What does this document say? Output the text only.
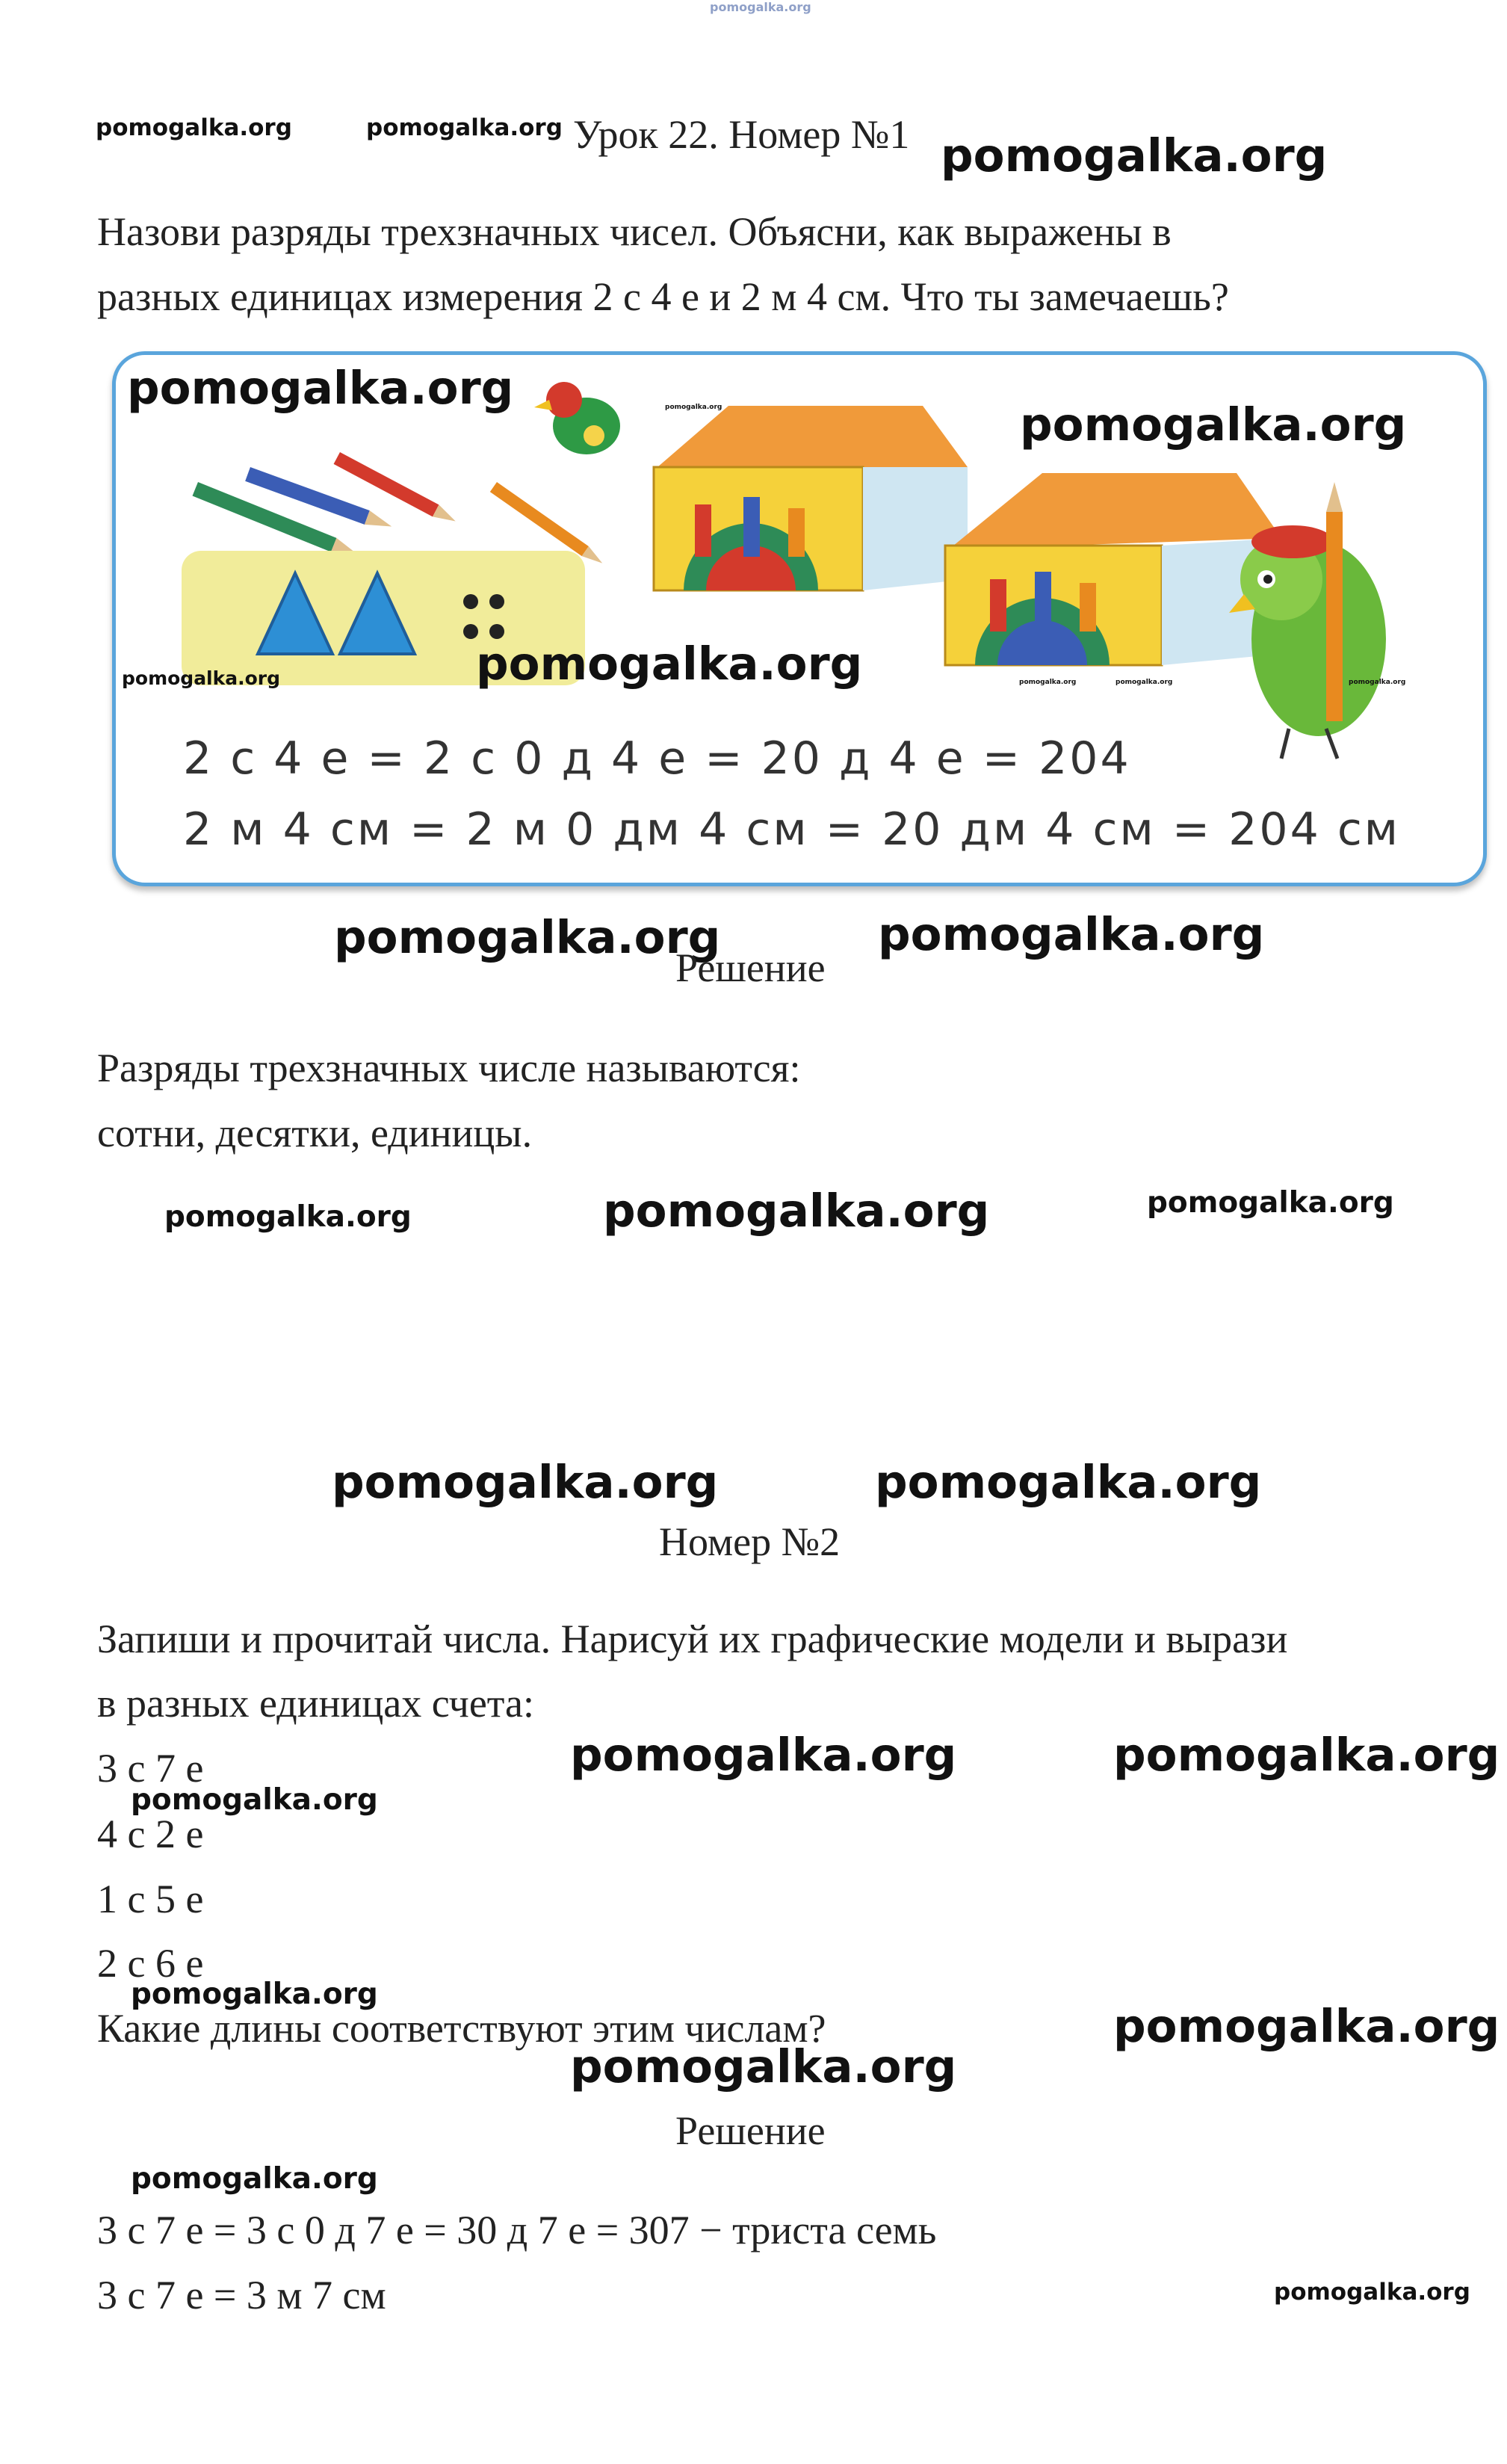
pomogalka.org
pomogalka.org	pomogalka.org Урок 22. Номер №1 pomogalka.org
Назови разряды трехзначных чисел. Объясни, как выражены в
разных единицах измерения 2 с 4 е и 2 м 4 см. Что ты замечаешь?
2 с 4 е = 2 с 0 д 4 е = 20 д 4 е = 204
2 м 4 см = 2 м 0 дм 4 см = 20 дм 4 см = 204 см
pomogalka.org	pomogalka.org	pomogalka.org
pomogalka.org	pomogalka.org	pomogalka.org	pomogalka.org	pomogalka.org
pomogalka.org
Решение
pomogalka.org
Разряды трехзначных числе называются:
сотни, десятки, единицы.
pomogalka.org	pomogalka.org	pomogalka.org
pomogalka.org	pomogalka.org
Номер №2
Запиши и прочитай числа. Нарисуй их графические модели и вырази
в разных единицах счета:
3 с 7 е	pomogalka.org	pomogalka.org
pomogalka.org
4 с 2 е
1 с 5 е
2 с 6 е
pomogalka.org
Какие длины соответствуют этим числам?	pomogalka.org
pomogalka.org
Решение
pomogalka.org
3 с 7 е = 3 с 0 д 7 е = 30 д 7 е = 307 − триста семь
3 с 7 е = 3 м 7 см	pomogalka.org
